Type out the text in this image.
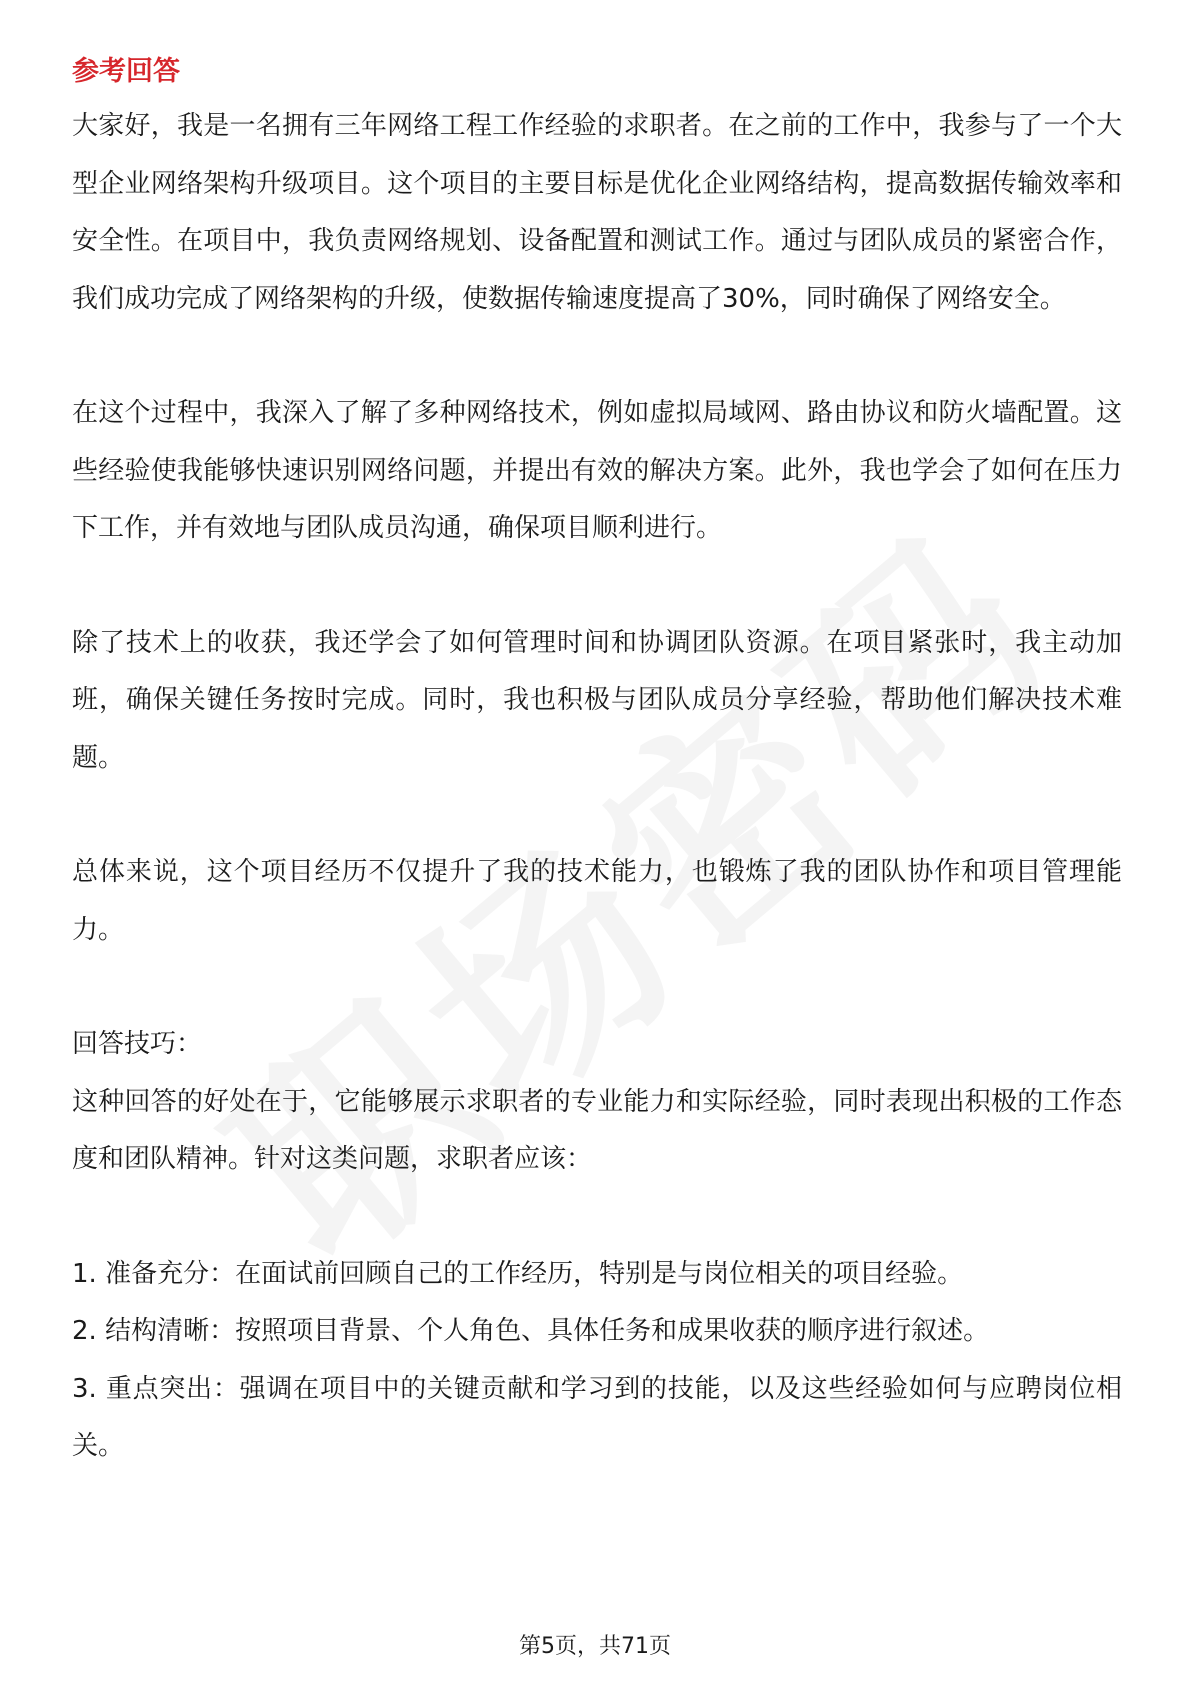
参考回答

大家好，我是一名拥有三年网络工程工作经验的求职者。在之前的工作中，我参与了一个大型企业网络架构升级项目。这个项目的主要目标是优化企业网络结构，提高数据传输效率和安全性。在项目中，我负责网络规划、设备配置和测试工作。通过与团队成员的紧密合作，我们成功完成了网络架构的升级，使数据传输速度提高了30%，同时确保了网络安全。

在这个过程中，我深入了解了多种网络技术，例如虚拟局域网、路由协议和防火墙配置。这些经验使我能够快速识别网络问题，并提出有效的解决方案。此外，我也学会了如何在压力下工作，并有效地与团队成员沟通，确保项目顺利进行。

除了技术上的收获，我还学会了如何管理时间和协调团队资源。在项目紧张时，我主动加班，确保关键任务按时完成。同时，我也积极与团队成员分享经验，帮助他们解决技术难题。

总体来说，这个项目经历不仅提升了我的技术能力，也锻炼了我的团队协作和项目管理能力。

回答技巧：

这种回答的好处在于，它能够展示求职者的专业能力和实际经验，同时表现出积极的工作态度和团队精神。针对这类问题，求职者应该：

1. 准备充分：在面试前回顾自己的工作经历，特别是与岗位相关的项目经验。

2. 结构清晰：按照项目背景、个人角色、具体任务和成果收获的顺序进行叙述。

3. 重点突出：强调在项目中的关键贡献和学习到的技能，以及这些经验如何与应聘岗位相关。

第5页，共71页
